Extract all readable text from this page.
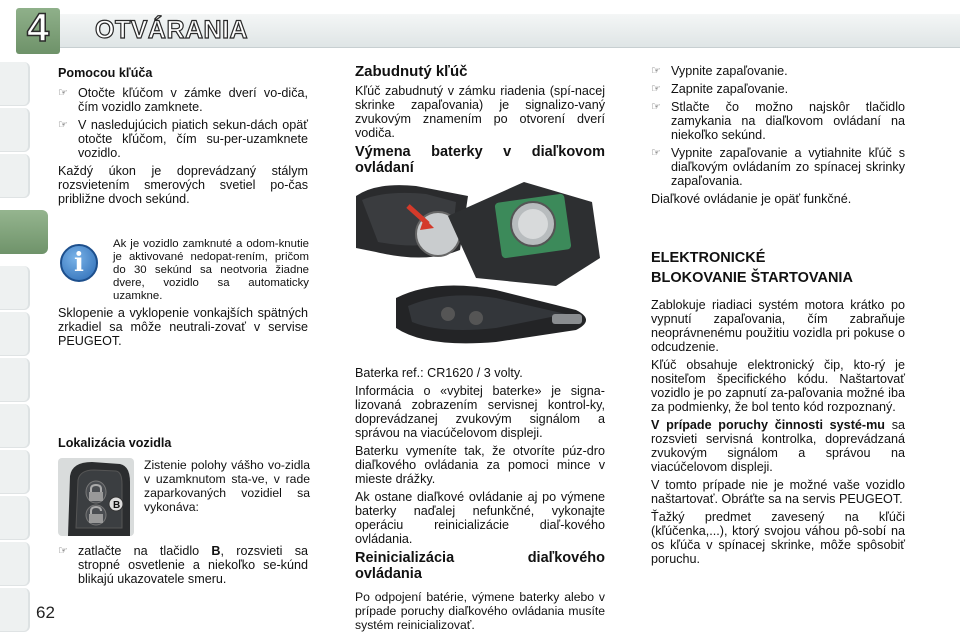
4	OTVÁRANIA

Pomocou kľúča

☞ Otočte kľúčom v zámke dverí vo-diča, čím vozidlo zamknete.
☞ V nasledujúcich piatich sekun-dách opäť otočte kľúčom, čím su-per-uzamknete vozidlo.

Každý úkon je doprevádzaný stálym rozsvietením smerových svetiel po-čas približne dvoch sekúnd.

i
Ak je vozidlo zamknuté a odom-knutie je aktivované nedopat-rením, pričom do 30 sekúnd sa neotvoria žiadne dvere, vozidlo sa automaticky uzamkne.

Sklopenie a vyklopenie vonkajších spätných zrkadiel sa môže neutrali-zovať v servise PEUGEOT.

Lokalizácia vozidla

B

Zistenie polohy vášho vo-zidla v uzamknutom sta-ve, v rade zaparkovaných vozidiel sa vykonáva:

☞ zatlačte na tlačidlo B, rozsvieti sa stropné osvetlenie a niekoľko se-kúnd blikajú ukazovatele smeru.

Zabudnutý kľúč

Kľúč zabudnutý v zámku riadenia (spí-nacej skrinke zapaľovania) je signalizo-vaný zvukovým znamením po otvorení dverí vodiča.

Výmena baterky v diaľkovom ovládaní

Baterka ref.: CR1620 / 3 volty.

Informácia o «vybitej baterke» je signa-lizovaná zobrazením servisnej kontrol-ky, doprevádzanej zvukovým signálom a správou na viacúčelovom displeji.

Baterku vymeníte tak, že otvoríte púz-dro diaľkového ovládania za pomoci mince v mieste drážky.

Ak ostane diaľkové ovládanie aj po výmene baterky naďalej nefunkčné, vykonajte operáciu reinicializácie diaľ-kového ovládania.

Reinicializácia diaľkového ovládania

Po odpojení batérie, výmene baterky alebo v prípade poruchy diaľkového ovládania musíte systém reinicializovať.

☞ Vypnite zapaľovanie.
☞ Zapnite zapaľovanie.
☞ Stlačte čo možno najskôr tlačidlo zamykania na diaľkovom ovládaní na niekoľko sekúnd.
☞ Vypnite zapaľovanie a vytiahnite kľúč s diaľkovým ovládaním zo spínacej skrinky zapaľovania.

Diaľkové ovládanie je opäť funkčné.

ELEKTRONICKÉ

BLOKOVANIE ŠTARTOVANIA

Zablokuje riadiaci systém motora krátko po vypnutí zapaľovania, čím zabraňuje neoprávnenému použitiu vozidla pri pokuse o odcudzenie.

Kľúč obsahuje elektronický čip, kto-rý je nositeľom špecifického kódu. Naštartovať vozidlo je po zapnutí za-paľovania možné iba za podmienky, že bol tento kód rozpoznaný.

V prípade poruchy činnosti systé-mu sa rozsvieti servisná kontrolka, doprevádzaná zvukovým signálom a správou na viacúčelovom displeji.

V tomto prípade nie je možné vaše vozidlo naštartovať. Obráťte sa na servis PEUGEOT.

Ťažký predmet zavesený na kľúči (kľúčenka,...), ktorý svojou váhou pô-sobí na os kľúča v spínacej skrinke, môže spôsobiť poruchu.

62
